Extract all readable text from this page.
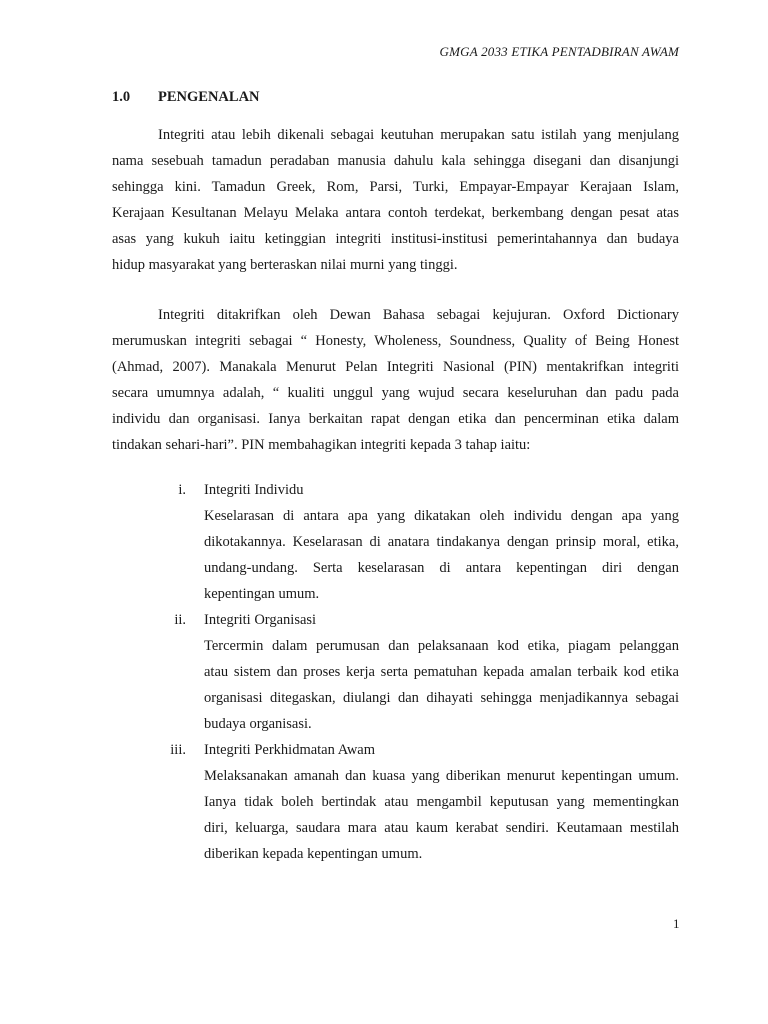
GMGA 2033 ETIKA PENTADBIRAN AWAM
1.0 PENGENALAN
Integriti atau lebih dikenali sebagai keutuhan merupakan satu istilah yang menjulang
nama sesebuah tamadun peradaban manusia dahulu kala sehingga disegani dan disanjungi
sehingga kini. Tamadun Greek, Rom, Parsi, Turki, Empayar-Empayar Kerajaan Islam,
Kerajaan Kesultanan Melayu Melaka antara contoh terdekat, berkembang dengan pesat atas
asas yang kukuh iaitu ketinggian integriti institusi-institusi pemerintahannya dan budaya
hidup masyarakat yang berteraskan nilai murni yang tinggi.
Integriti ditakrifkan oleh Dewan Bahasa sebagai kejujuran. Oxford Dictionary
merumuskan integriti sebagai “ Honesty, Wholeness, Soundness, Quality of Being Honest
(Ahmad, 2007). Manakala Menurut Pelan Integriti Nasional (PIN) mentakrifkan integriti
secara umumnya adalah, “ kualiti unggul yang wujud secara keseluruhan dan padu pada
individu dan organisasi. Ianya berkaitan rapat dengan etika dan pencerminan etika dalam
tindakan sehari-hari”. PIN membahagikan integriti kepada 3 tahap iaitu:
i. Integriti Individu
Keselarasan di antara apa yang dikatakan oleh individu dengan apa yang
dikotakannya. Keselarasan di anatara tindakanya dengan prinsip moral, etika,
undang-undang. Serta keselarasan di antara kepentingan diri dengan
kepentingan umum.
ii. Integriti Organisasi
Tercermin dalam perumusan dan pelaksanaan kod etika, piagam pelanggan
atau sistem dan proses kerja serta pematuhan kepada amalan terbaik kod etika
organisasi ditegaskan, diulangi dan dihayati sehingga menjadikannya sebagai
budaya organisasi.
iii. Integriti Perkhidmatan Awam
Melaksanakan amanah dan kuasa yang diberikan menurut kepentingan umum.
Ianya tidak boleh bertindak atau mengambil keputusan yang mementingkan
diri, keluarga, saudara mara atau kaum kerabat sendiri. Keutamaan mestilah
diberikan kepada kepentingan umum.
1
